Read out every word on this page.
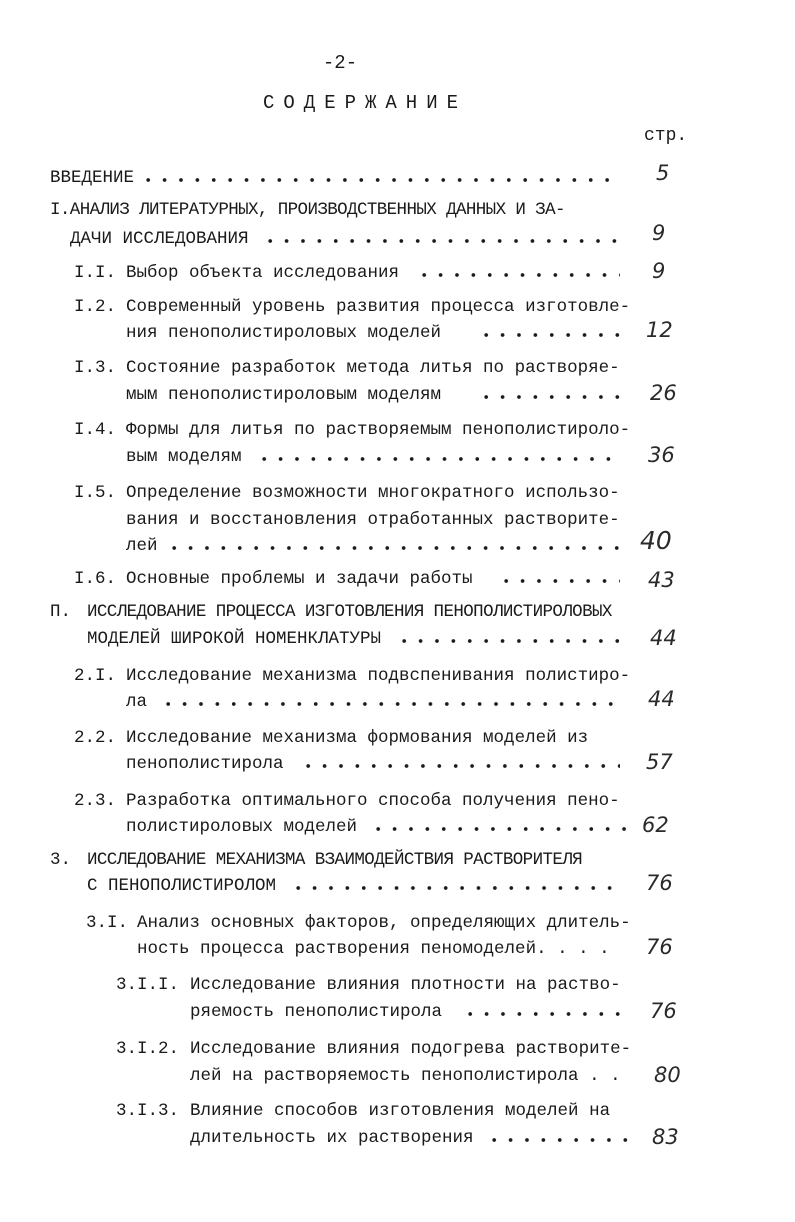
-2-
СОДЕРЖАНИЕ
стр.
ВВЕДЕНИЕ	5
I.АНАЛИЗ ЛИТЕРАТУРНЫХ, ПРОИЗВОДСТВЕННЫХ ДАННЫХ И ЗА-
ДАЧИ ИССЛЕДОВАНИЯ	9
I.I. Выбор объекта исследования	9
I.2. Современный уровень развития процесса изготовле-
ния пенополистироловых моделей	12
I.3. Состояние разработок метода литья по растворяе-
мым пенополистироловым моделям	26
I.4. Формы для литья по растворяемым пенополистироло-
вым моделям	36
I.5. Определение возможности многократного использо-
вания и восстановления отработанных растворите-
лей	40
I.6. Основные проблемы и задачи работы	43
П. ИССЛЕДОВАНИЕ ПРОЦЕССА ИЗГОТОВЛЕНИЯ ПЕНОПОЛИСТИРОЛОВЫХ
МОДЕЛЕЙ ШИРОКОЙ НОМЕНКЛАТУРЫ	44
2.I. Исследование механизма подвспенивания полистиро-
ла	44
2.2. Исследование механизма формования моделей из
пенополистирола	57
2.3. Разработка оптимального способа получения пено-
полистироловых моделей	62
3. ИССЛЕДОВАНИЕ МЕХАНИЗМА ВЗАИМОДЕЙСТВИЯ РАСТВОРИТЕЛЯ
С ПЕНОПОЛИСТИРОЛОМ	76
3.I. Анализ основных факторов, определяющих длитель-
ность процесса растворения пеномоделей. . . . 76
3.I.I. Исследование влияния плотности на раство-
ряемость пенополистирола	76
3.I.2. Исследование влияния подогрева растворите-
лей на растворяемость пенополистирола . . 80
3.I.3. Влияние способов изготовления моделей на
длительность их растворения	83
